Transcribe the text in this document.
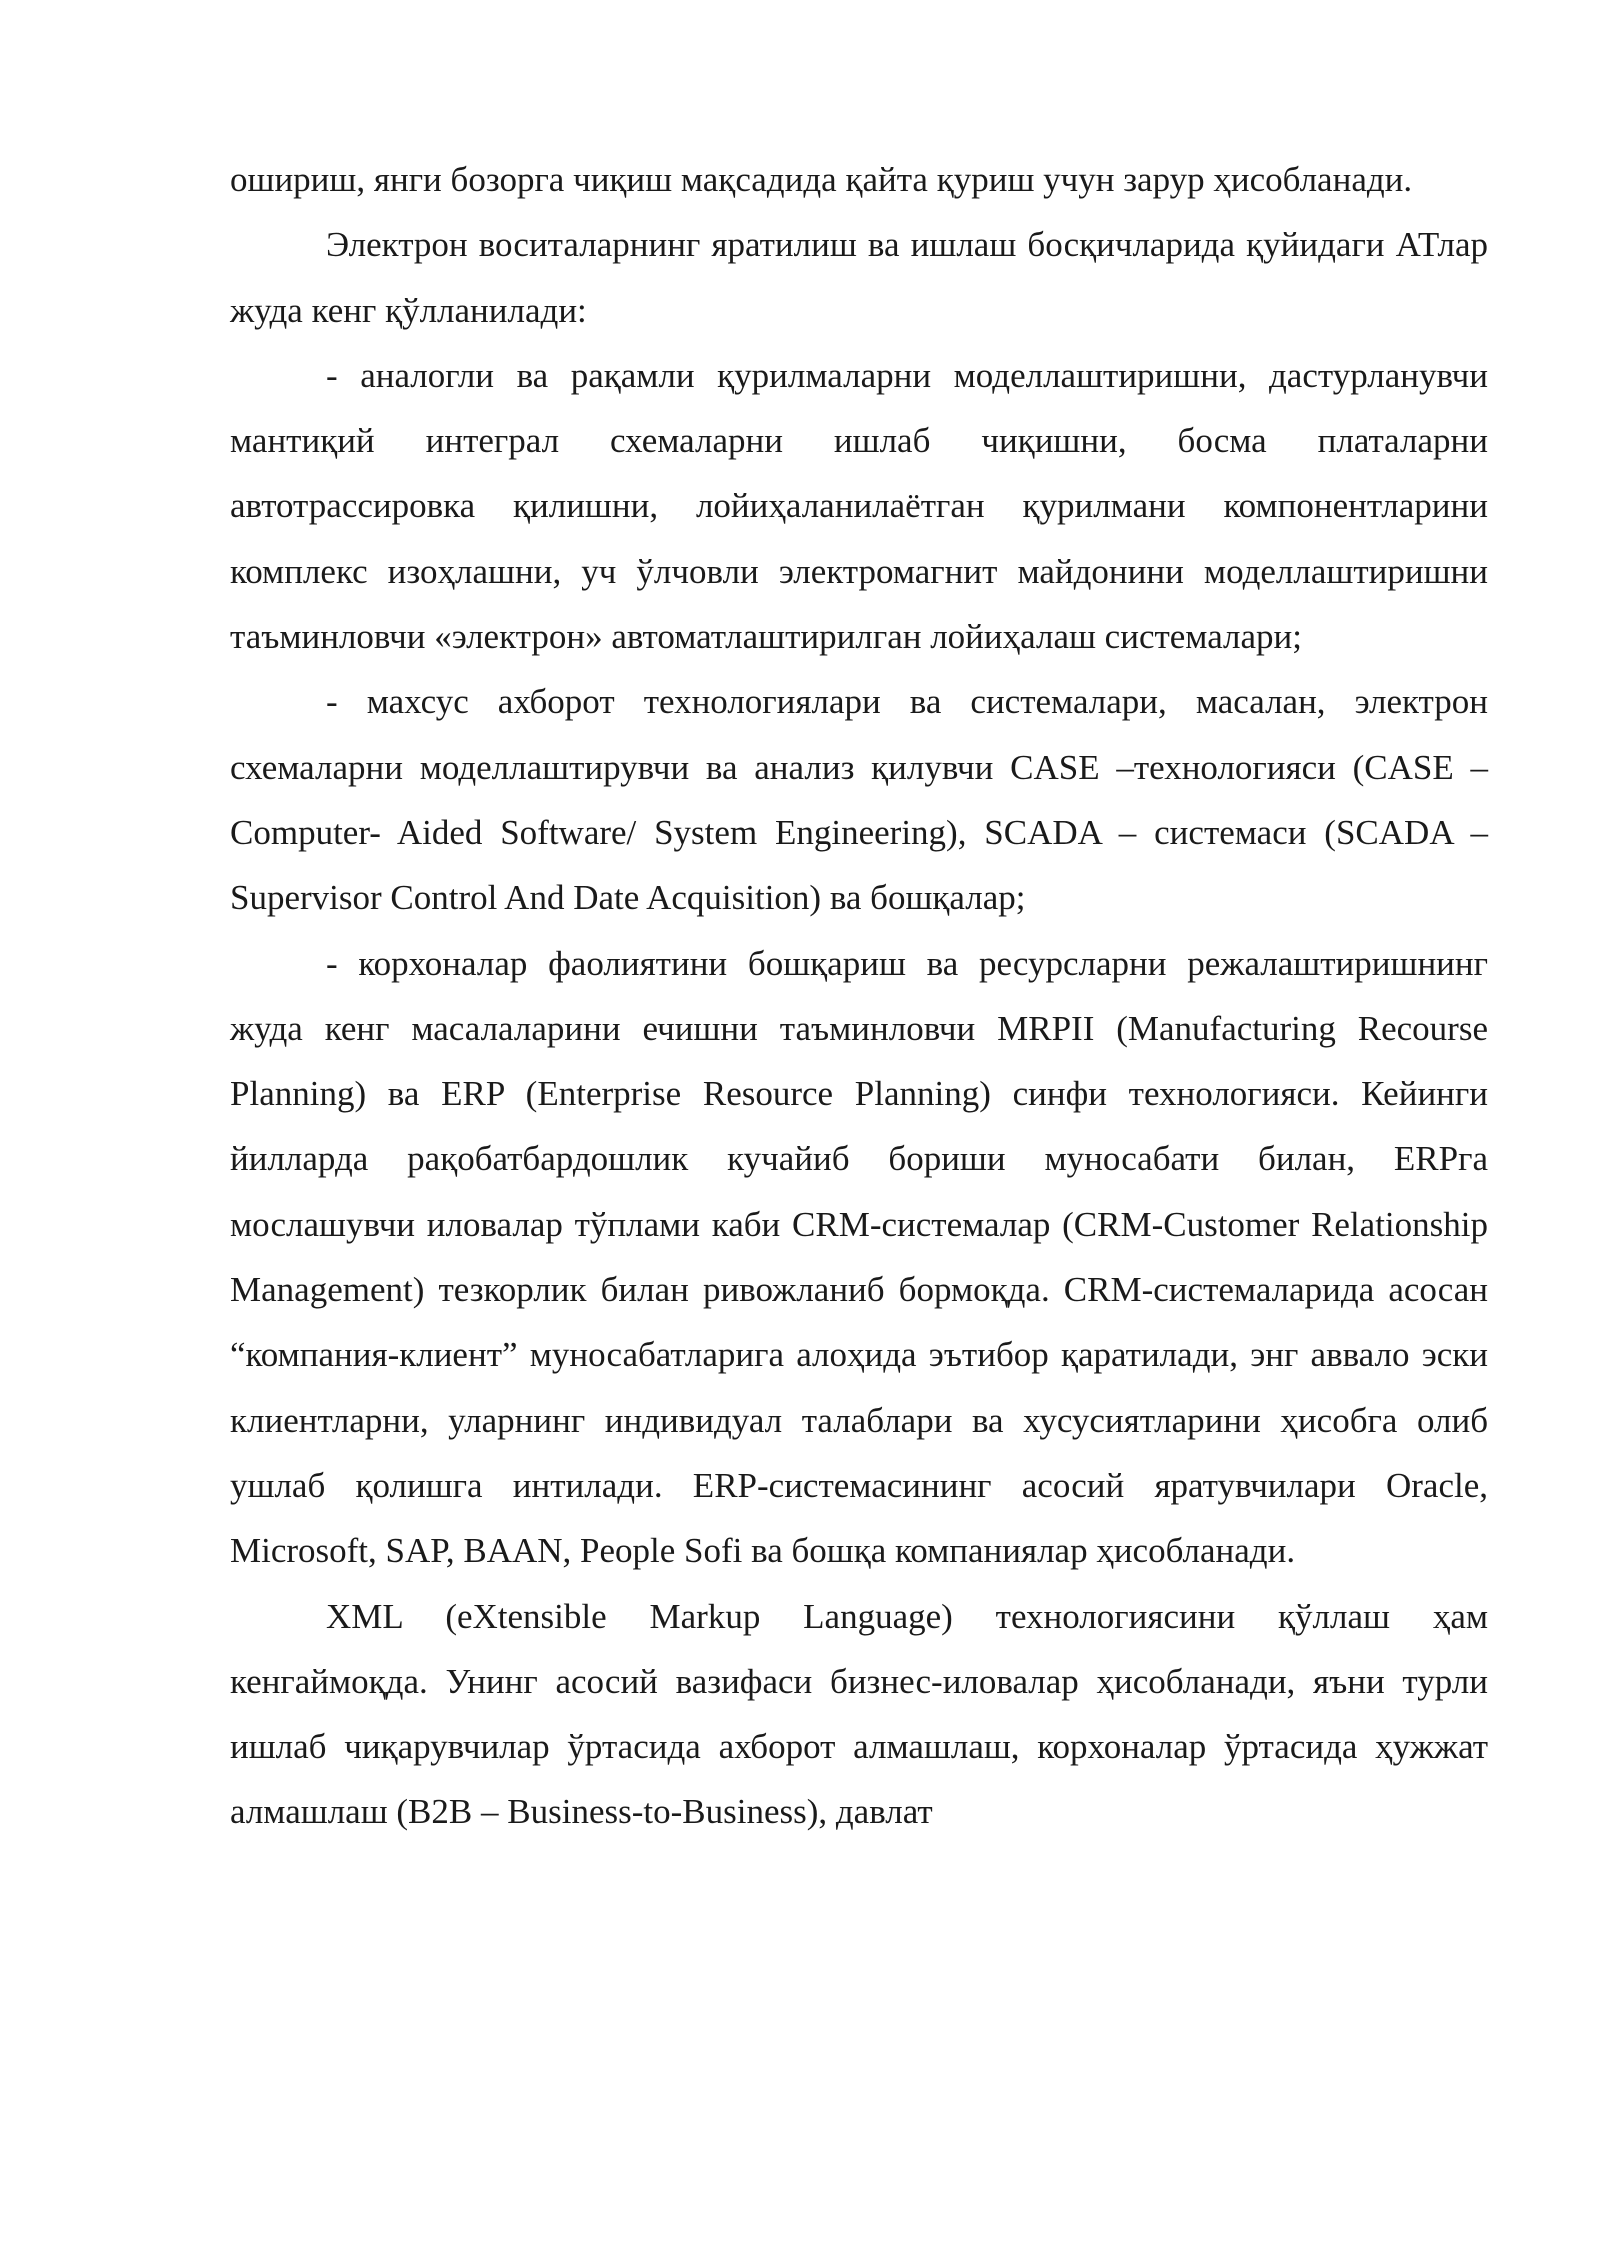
ошириш, янги бозорга чиқиш мақсадида қайта қуриш учун зарур ҳисобланади.

Электрон воситаларнинг яратилиш ва ишлаш босқичларида қуйидаги АТлар жуда кенг қўлланилади:

- аналогли ва рақамли қурилмаларни моделлаштиришни, дастурланувчи мантиқий интеграл схемаларни ишлаб чиқишни, босма платаларни автотрассировка қилишни, лойиҳаланилаётган қурилмани компонентларини комплекс изоҳлашни, уч ўлчовли электромагнит майдонини моделлаштиришни таъминловчи «электрон» автоматлаштирилган лойиҳалаш системалари;

- махсус ахборот технологиялари ва системалари, масалан, электрон схемаларни моделлаштирувчи ва анализ қилувчи CASE –технологияси (CASE – Computer- Aided Software/ System Engineering), SCADA – системаси (SCADA – Supervisor Control And Date Acquisition) ва бошқалар;

- корхоналар фаолиятини бошқариш ва ресурсларни режалаштиришнинг жуда кенг масалаларини ечишни таъминловчи MRPII (Manufacturing Recourse Planning) ва ERP (Enterprise Resource Planning) синфи технологияси. Кейинги йилларда рақобатбардошлик кучайиб бориши муносабати билан, ERPга мослашувчи иловалар тўплами каби CRM-системалар (CRM-Customer Relationship Management) тезкорлик билан ривожланиб бормоқда. CRM-системаларида асосан “компания-клиент” муносабатларига алоҳида эътибор қаратилади, энг аввало эски клиентларни, уларнинг индивидуал талаблари ва хусусиятларини ҳисобга олиб ушлаб қолишга интилади. ERP-системасининг асосий яратувчилари Oracle, Microsoft, SAP, BAAN, People Sofi ва бошқа компаниялар ҳисобланади.

XML (eXtensible Markup Language) технологиясини қўллаш ҳам кенгаймоқда. Унинг асосий вазифаси бизнес-иловалар ҳисобланади, яъни турли ишлаб чиқарувчилар ўртасида ахборот алмашлаш, корхоналар ўртасида ҳужжат алмашлаш (B2B – Business-to-Business), давлат
